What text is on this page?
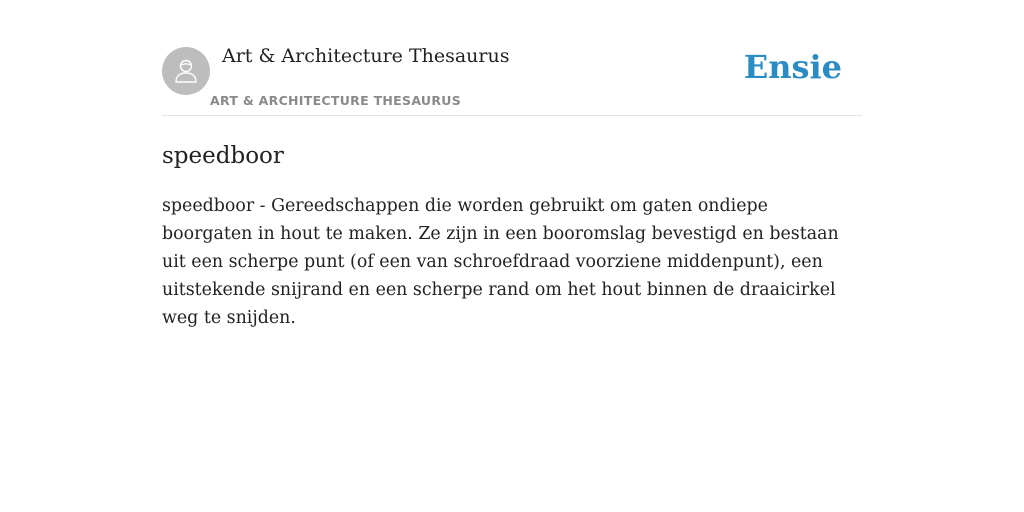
Art & Architecture Thesaurus
ART & ARCHITECTURE THESAURUS
Ensie
speedboor

speedboor - Gereedschappen die worden gebruikt om gaten ondiepe boorgaten in hout te maken. Ze zijn in een booromslag bevestigd en bestaan uit een scherpe punt (of een van schroefdraad voorziene middenpunt), een uitstekende snijrand en een scherpe rand om het hout binnen de draaicirkel weg te snijden.
